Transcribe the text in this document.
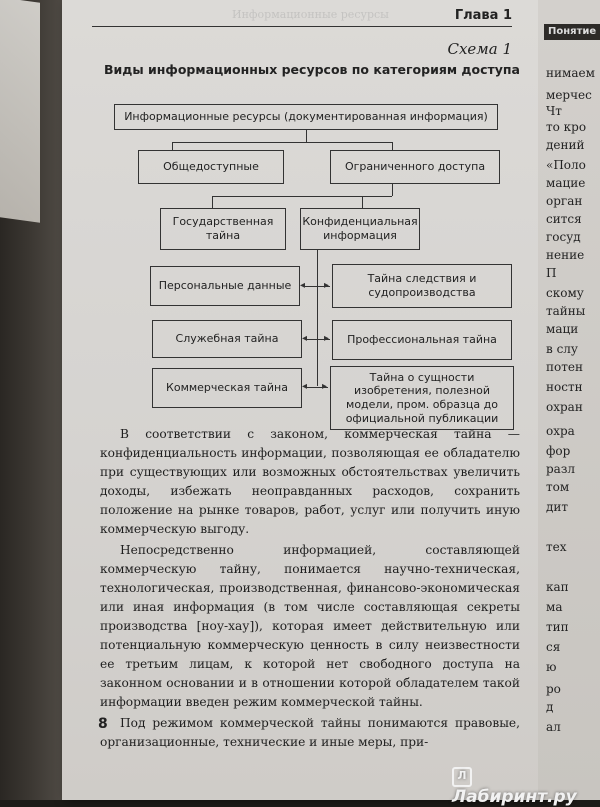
Информационные ресурсы	Глава 1
Схема 1
Виды информационных ресурсов по категориям доступа
Информационные ресурсы (документированная информация)
Общедоступные	Ограниченного доступа
Государственная тайна
Конфиденциальная информация
Персональные данные
Тайна следствия и судопроизводства
◂ ▸
Служебная тайна	Профессиональная тайна
◂ ▸
Коммерческая тайна
Тайна о сущности изобретения, полезной модели, пром. образца до официальной публикации
◂ ▸

В соответствии с законом, коммерческая тайна — конфиденциальность информации, позволяющая ее обладателю при существующих или возможных обстоятельствах увеличить доходы, избежать неоправданных расходов, сохранить положение на рынке товаров, работ, услуг или получить иную коммерческую выгоду.

Непосредственно информацией, составляющей коммерческую тайну, понимается научно-техническая, технологическая, производственная, финансово-экономическая или иная информация (в том числе составляющая секреты производства [ноу-хау]), которая имеет действительную или потенциальную коммерческую ценность в силу неизвестности ее третьим лицам, к которой нет свободного доступа на законном основании и в отношении которой обладателем такой информации введен режим коммерческой тайны.

Под режимом коммерческой тайны понимаются правовые, организационные, технические и иные меры, при-

8
Понятие
нимаем
мерчес
Чт
то кро
дений
«Поло
мацие
орган
сится
госуд
нение
П
скому
тайны
маци
в слу
потен
ностн
охран
охра
фор
разл
том
дит
тех
кап
ма
тип
ся
ю
ро
д
ал
ЛЛабиринт.ру
